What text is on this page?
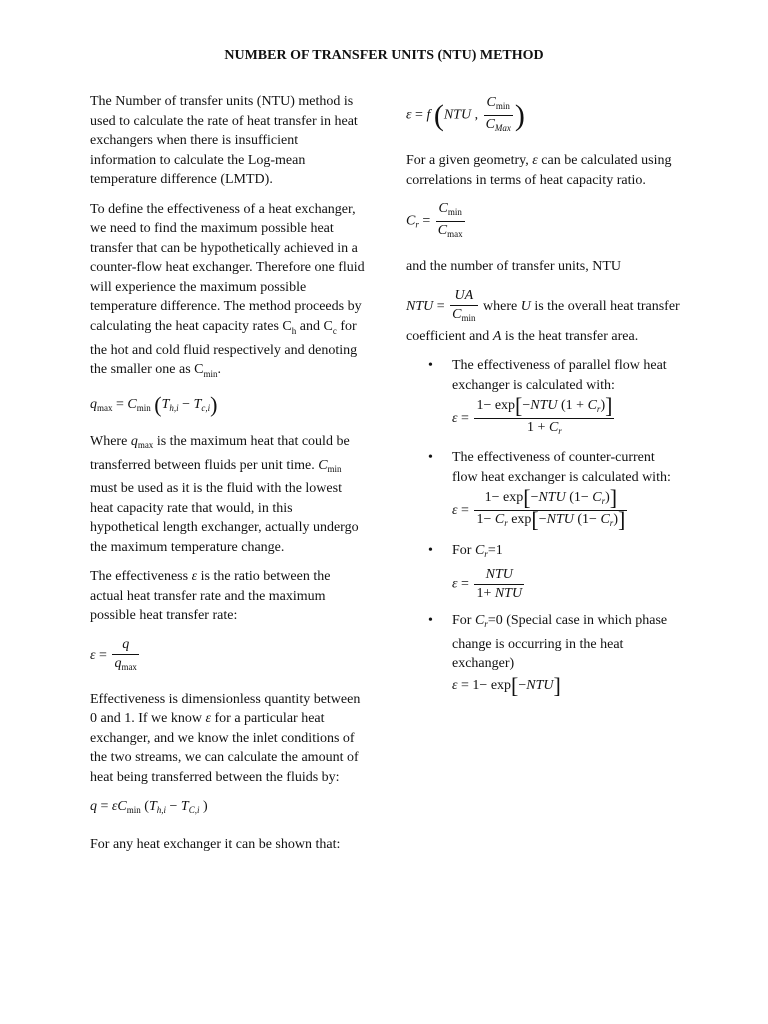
NUMBER OF TRANSFER UNITS (NTU) METHOD

The Number of transfer units (NTU) method is used to calculate the rate of heat transfer in heat exchangers when there is insufficient information to calculate the Log-mean temperature difference (LMTD).

To define the effectiveness of a heat exchanger, we need to find the maximum possible heat transfer that can be hypothetically achieved in a counter-flow heat exchanger. Therefore one fluid will experience the maximum possible temperature difference. The method proceeds by calculating the heat capacity rates $C_h$ and $C_c$ for the hot and cold fluid respectively and denoting the smaller one as $C_{min}$.

$q_{max} = C_{min}$ $(T_{h,i} - T_{c,i})$

Where $q_{max}$ is the maximum heat that could be transferred between fluids per unit time. $C_{min}$ must be used as it is the fluid with the lowest heat capacity rate that would, in this hypothetical length exchanger, actually undergo the maximum temperature change.

The effectiveness ε is the ratio between the actual heat transfer rate and the maximum possible heat transfer rate:

$\varepsilon = \frac{q}{q_{max}}$

Effectiveness is dimensionless quantity between 0 and 1. If we know ε for a particular heat exchanger, and we know the inlet conditions of the two streams, we can calculate the amount of heat being transferred between the fluids by:

$q = \varepsilon C_{min}$ ($T_{h,i} - T_{C,i}$ )

For any heat exchanger it can be shown that:

ε = f (NTU , $\frac{C_{min}}{C_{Max}}$ )

For a given geometry, ε can be calculated using correlations in terms of heat capacity ratio.

$C_r = \frac{C_{min}}{C_{max}}$

and the number of transfer units, NTU

NTU = $\frac{UA}{C_{min}}$ where U is the overall heat transfer coefficient and A is the heat transfer area.

• The effectiveness of parallel flow heat exchanger is calculated with:
$\varepsilon = \frac{1- \exp[-NTU (1 + C_r)]}{1 + C_r}$
• The effectiveness of counter-current flow heat exchanger is calculated with:
$\varepsilon = \frac{1- \exp[-NTU (1- C_r)]}{1- C_r \exp[-NTU (1- C_r)]}$
• For $C_r=1$
$\varepsilon = \frac{\text{NTU}}{\text{1+ NTU}}$
• For $C_r=0$ (Special case in which phase change is occurring in the heat exchanger)
ε = 1− exp[−NTU]
